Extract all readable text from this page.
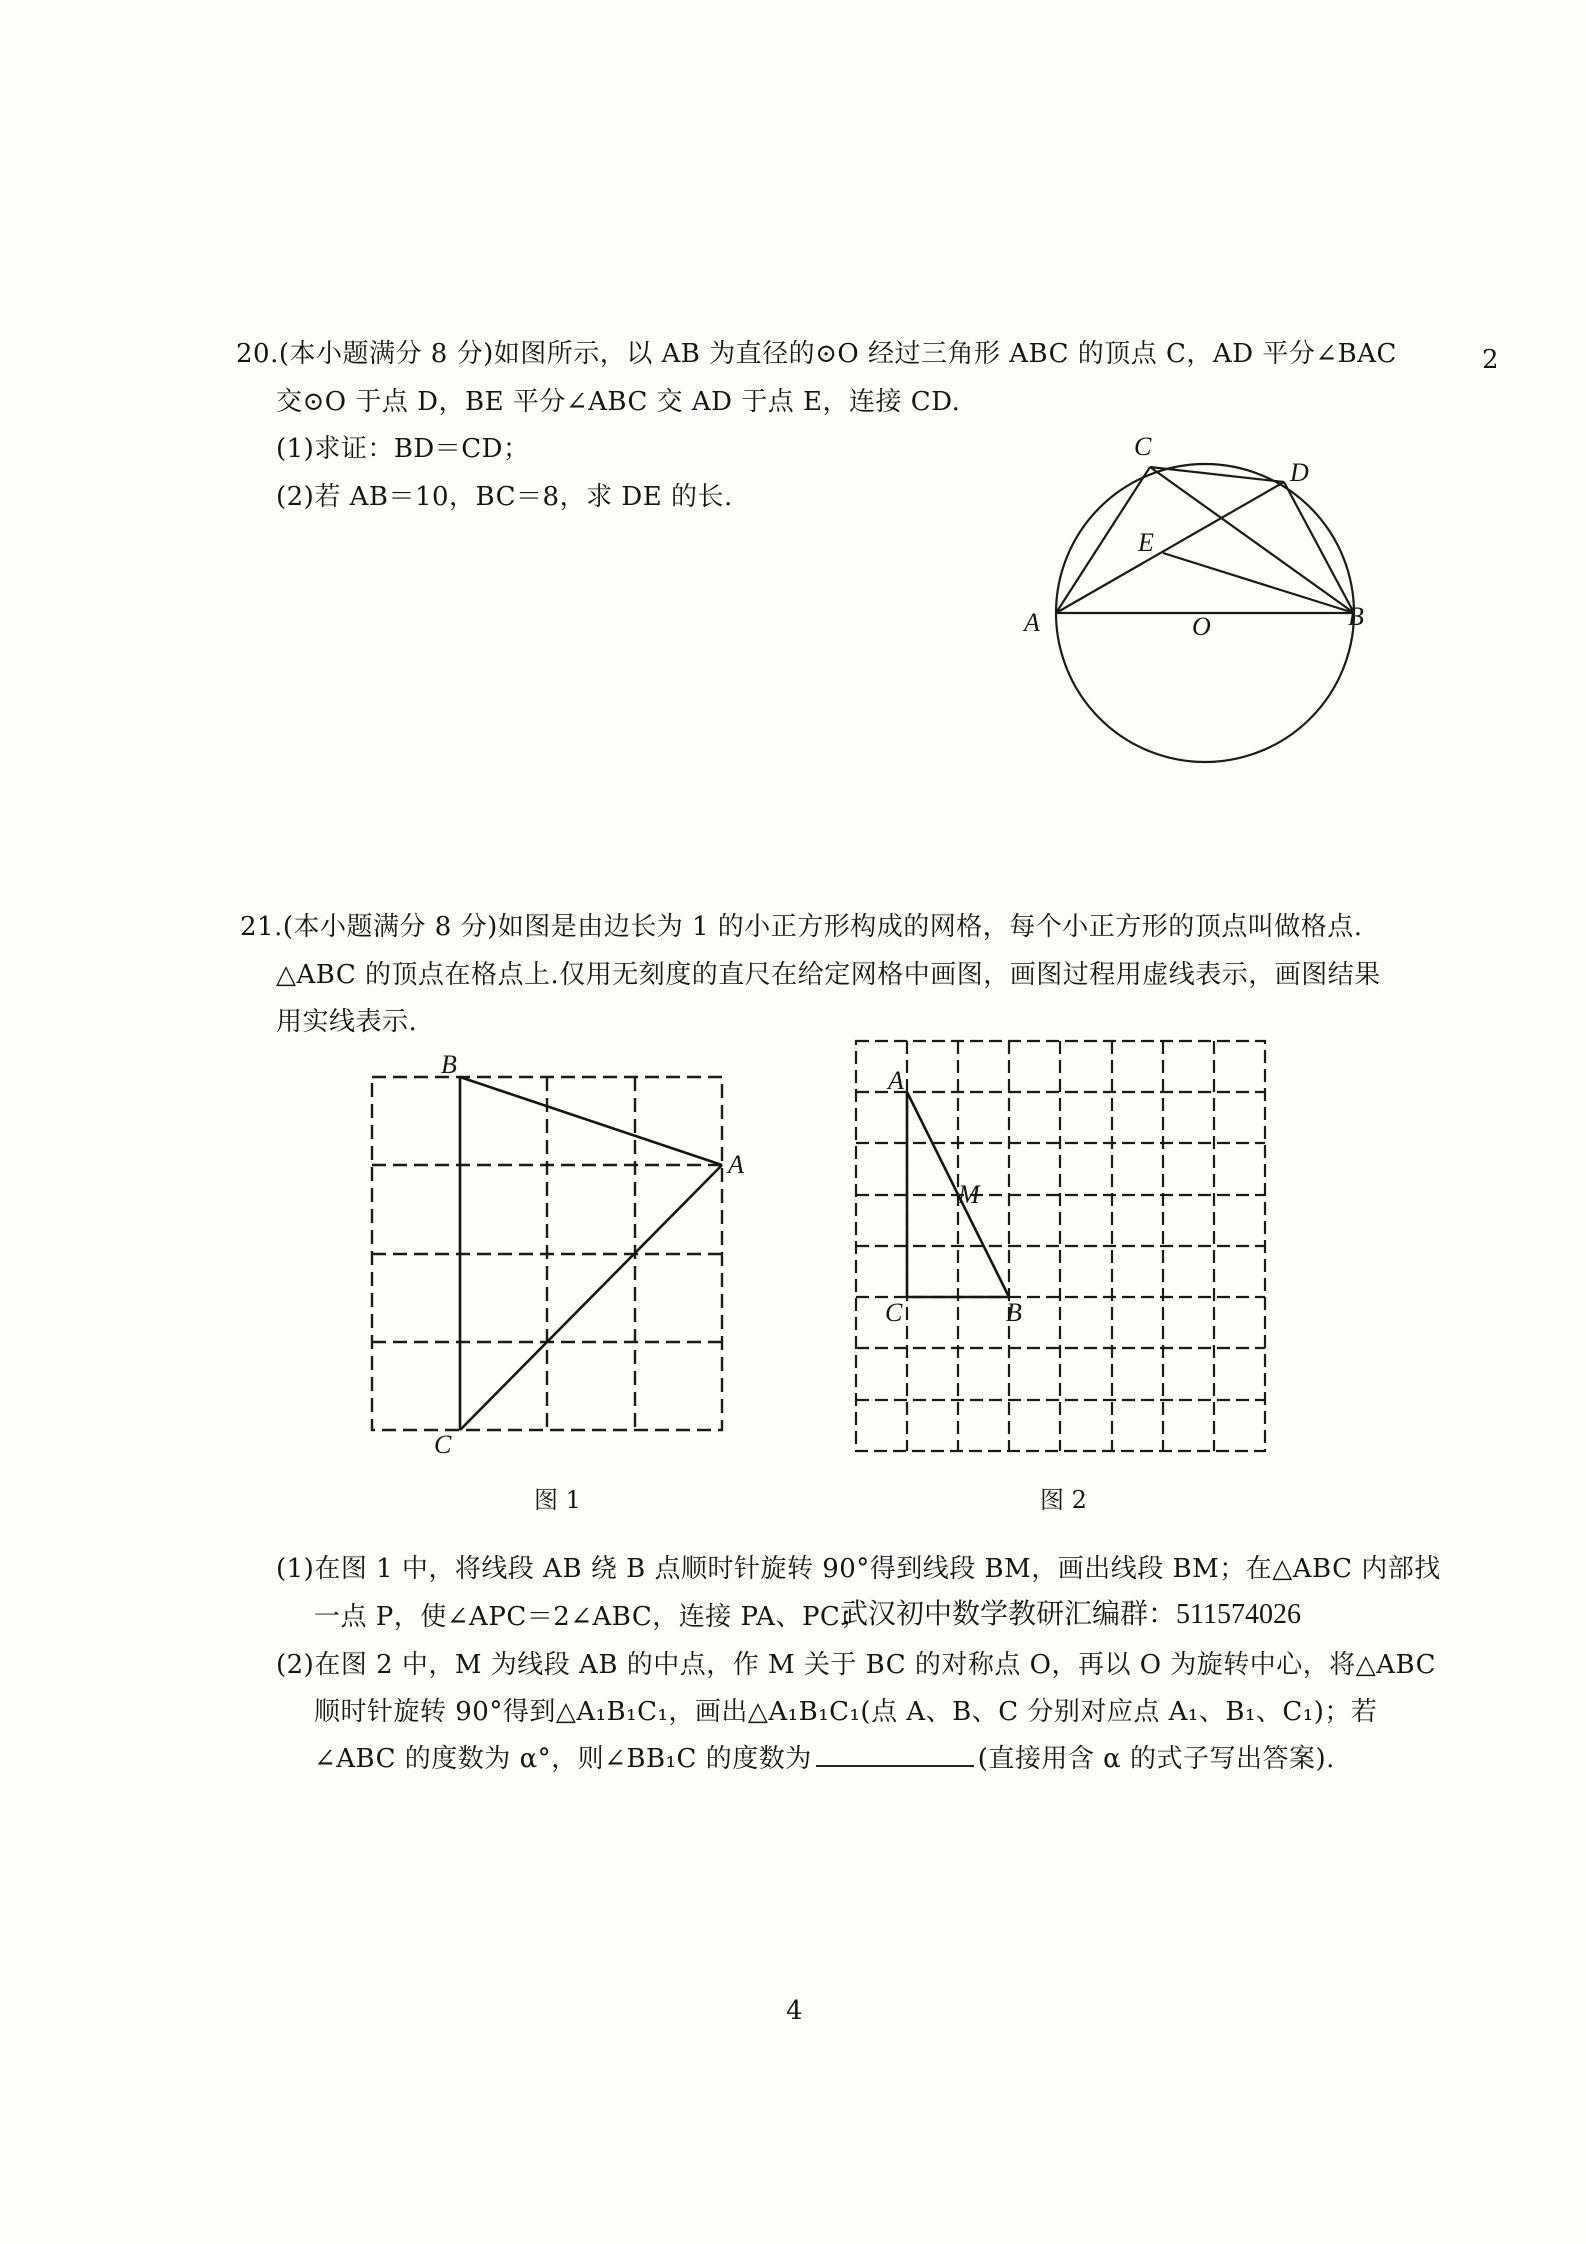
20.(本小题满分 8 分)如图所示，以 AB 为直径的⊙O 经过三角形 ABC 的顶点 C，AD 平分∠BAC
交⊙O 于点 D，BE 平分∠ABC 交 AD 于点 E，连接 CD.
(1)求证：BD＝CD；
(2)若 AB＝10，BC＝8，求 DE 的长.
2
C
D
E
A	O	B
21.(本小题满分 8 分)如图是由边长为 1 的小正方形构成的网格，每个小正方形的顶点叫做格点.
△ABC 的顶点在格点上.仅用无刻度的直尺在给定网格中画图，画图过程用虚线表示，画图结果
用实线表示.
B
A
C
图 1
A
M
C	B
图 2
(1)在图 1 中，将线段 AB 绕 B 点顺时针旋转 90°得到线段 BM，画出线段 BM；在△ABC 内部找
一点 P，使∠APC＝2∠ABC，连接 PA、PC；
武汉初中数学教研汇编群：511574026
(2)在图 2 中，M 为线段 AB 的中点，作 M 关于 BC 的对称点 O，再以 O 为旋转中心，将△ABC
顺时针旋转 90°得到△A₁B₁C₁，画出△A₁B₁C₁(点 A、B、C 分别对应点 A₁、B₁、C₁)；若
∠ABC 的度数为 α°，则∠BB₁C 的度数为	(直接用含 α 的式子写出答案).
4
